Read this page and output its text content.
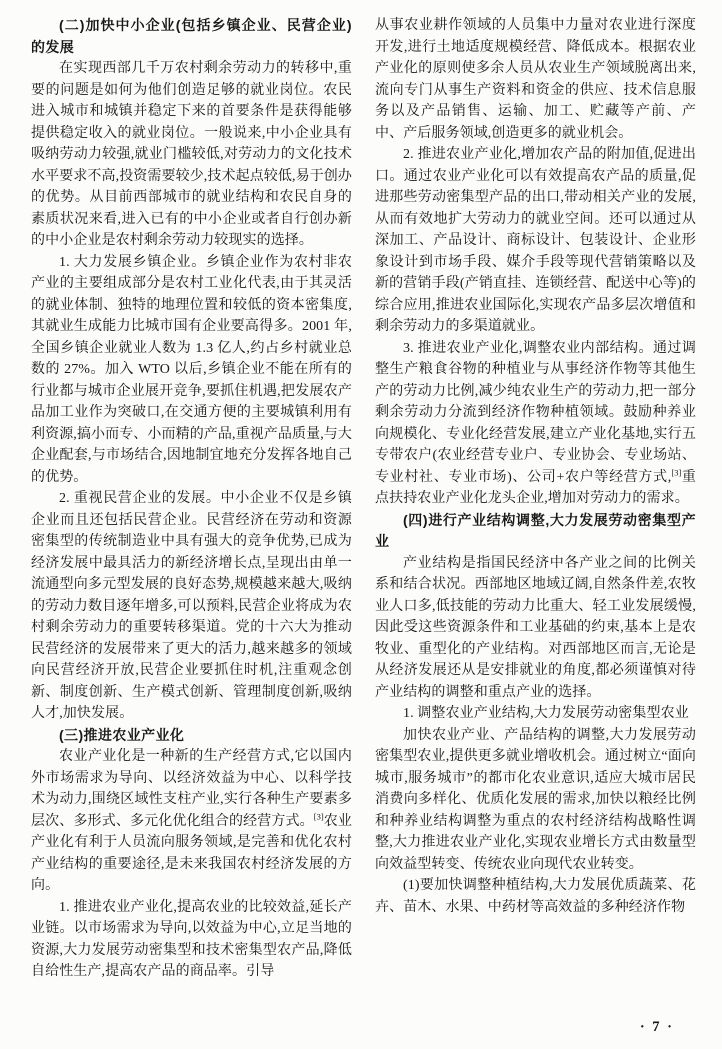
(二)加快中小企业(包括乡镇企业、民营企业)的发展

在实现西部几千万农村剩余劳动力的转移中,重要的问题是如何为他们创造足够的就业岗位。农民进入城市和城镇并稳定下来的首要条件是获得能够提供稳定收入的就业岗位。一般说来,中小企业具有吸纳劳动力较强,就业门槛较低,对劳动力的文化技术水平要求不高,投资需要较少,技术起点较低,易于创办的优势。从目前西部城市的就业结构和农民自身的素质状况来看,进入已有的中小企业或者自行创办新的中小企业是农村剩余劳动力较现实的选择。

1. 大力发展乡镇企业。乡镇企业作为农村非农产业的主要组成部分是农村工业化代表,由于其灵活的就业体制、独特的地理位置和较低的资本密集度,其就业生成能力比城市国有企业要高得多。2001 年,全国乡镇企业就业人数为 1.3 亿人,约占乡村就业总数的 27%。加入 WTO 以后,乡镇企业不能在所有的行业都与城市企业展开竞争,要抓住机遇,把发展农产品加工业作为突破口,在交通方便的主要城镇利用有利资源,搞小而专、小而精的产品,重视产品质量,与大企业配套,与市场结合,因地制宜地充分发挥各地自己的优势。

2. 重视民营企业的发展。中小企业不仅是乡镇企业而且还包括民营企业。民营经济在劳动和资源密集型的传统制造业中具有强大的竞争优势,已成为经济发展中最具活力的新经济增长点,呈现出由单一流通型向多元型发展的良好态势,规模越来越大,吸纳的劳动力数目逐年增多,可以预料,民营企业将成为农村剩余劳动力的重要转移渠道。党的十六大为推动民营经济的发展带来了更大的活力,越来越多的领域向民营经济开放,民营企业要抓住时机,注重观念创新、制度创新、生产模式创新、管理制度创新,吸纳人才,加快发展。

(三)推进农业产业化

农业产业化是一种新的生产经营方式,它以国内外市场需求为导向、以经济效益为中心、以科学技术为动力,围绕区域性支柱产业,实行各种生产要素多层次、多形式、多元化优化组合的经营方式。[3]农业产业化有利于人员流向服务领域,是完善和优化农村产业结构的重要途径,是未来我国农村经济发展的方向。

1. 推进农业产业化,提高农业的比较效益,延长产业链。以市场需求为导向,以效益为中心,立足当地的资源,大力发展劳动密集型和技术密集型农产品,降低自给性生产,提高农产品的商品率。引导

从事农业耕作领域的人员集中力量对农业进行深度开发,进行土地适度规模经营、降低成本。根据农业产业化的原则使多余人员从农业生产领域脱离出来,流向专门从事生产资料和资金的供应、技术信息服务以及产品销售、运输、加工、贮藏等产前、产中、产后服务领域,创造更多的就业机会。

2. 推进农业产业化,增加农产品的附加值,促进出口。通过农业产业化可以有效提高农产品的质量,促进那些劳动密集型产品的出口,带动相关产业的发展,从而有效地扩大劳动力的就业空间。还可以通过从深加工、产品设计、商标设计、包装设计、企业形象设计到市场手段、媒介手段等现代营销策略以及新的营销手段(产销直挂、连锁经营、配送中心等)的综合应用,推进农业国际化,实现农产品多层次增值和剩余劳动力的多渠道就业。

3. 推进农业产业化,调整农业内部结构。通过调整生产粮食谷物的种植业与从事经济作物等其他生产的劳动力比例,减少纯农业生产的劳动力,把一部分剩余劳动力分流到经济作物种植领域。鼓励种养业向规模化、专业化经营发展,建立产业化基地,实行五专带农户(农业经营专业户、专业协会、专业场站、专业村社、专业市场)、公司+农户等经营方式,[3]重点扶持农业产业化龙头企业,增加对劳动力的需求。

(四)进行产业结构调整,大力发展劳动密集型产业

产业结构是指国民经济中各产业之间的比例关系和结合状况。西部地区地域辽阔,自然条件差,农牧业人口多,低技能的劳动力比重大、轻工业发展缓慢,因此受这些资源条件和工业基础的约束,基本上是农牧业、重型化的产业结构。对西部地区而言,无论是从经济发展还从是安排就业的角度,都必须谨慎对待产业结构的调整和重点产业的选择。

1. 调整农业产业结构,大力发展劳动密集型农业

加快农业产业、产品结构的调整,大力发展劳动密集型农业,提供更多就业增收机会。通过树立“面向城市,服务城市”的都市化农业意识,适应大城市居民消费向多样化、优质化发展的需求,加快以粮经比例和种养业结构调整为重点的农村经济结构战略性调整,大力推进农业产业化,实现农业增长方式由数量型向效益型转变、传统农业向现代农业转变。

(1)要加快调整种植结构,大力发展优质蔬菜、花卉、苗木、水果、中药材等高效益的多种经济作物

· 7 ·
